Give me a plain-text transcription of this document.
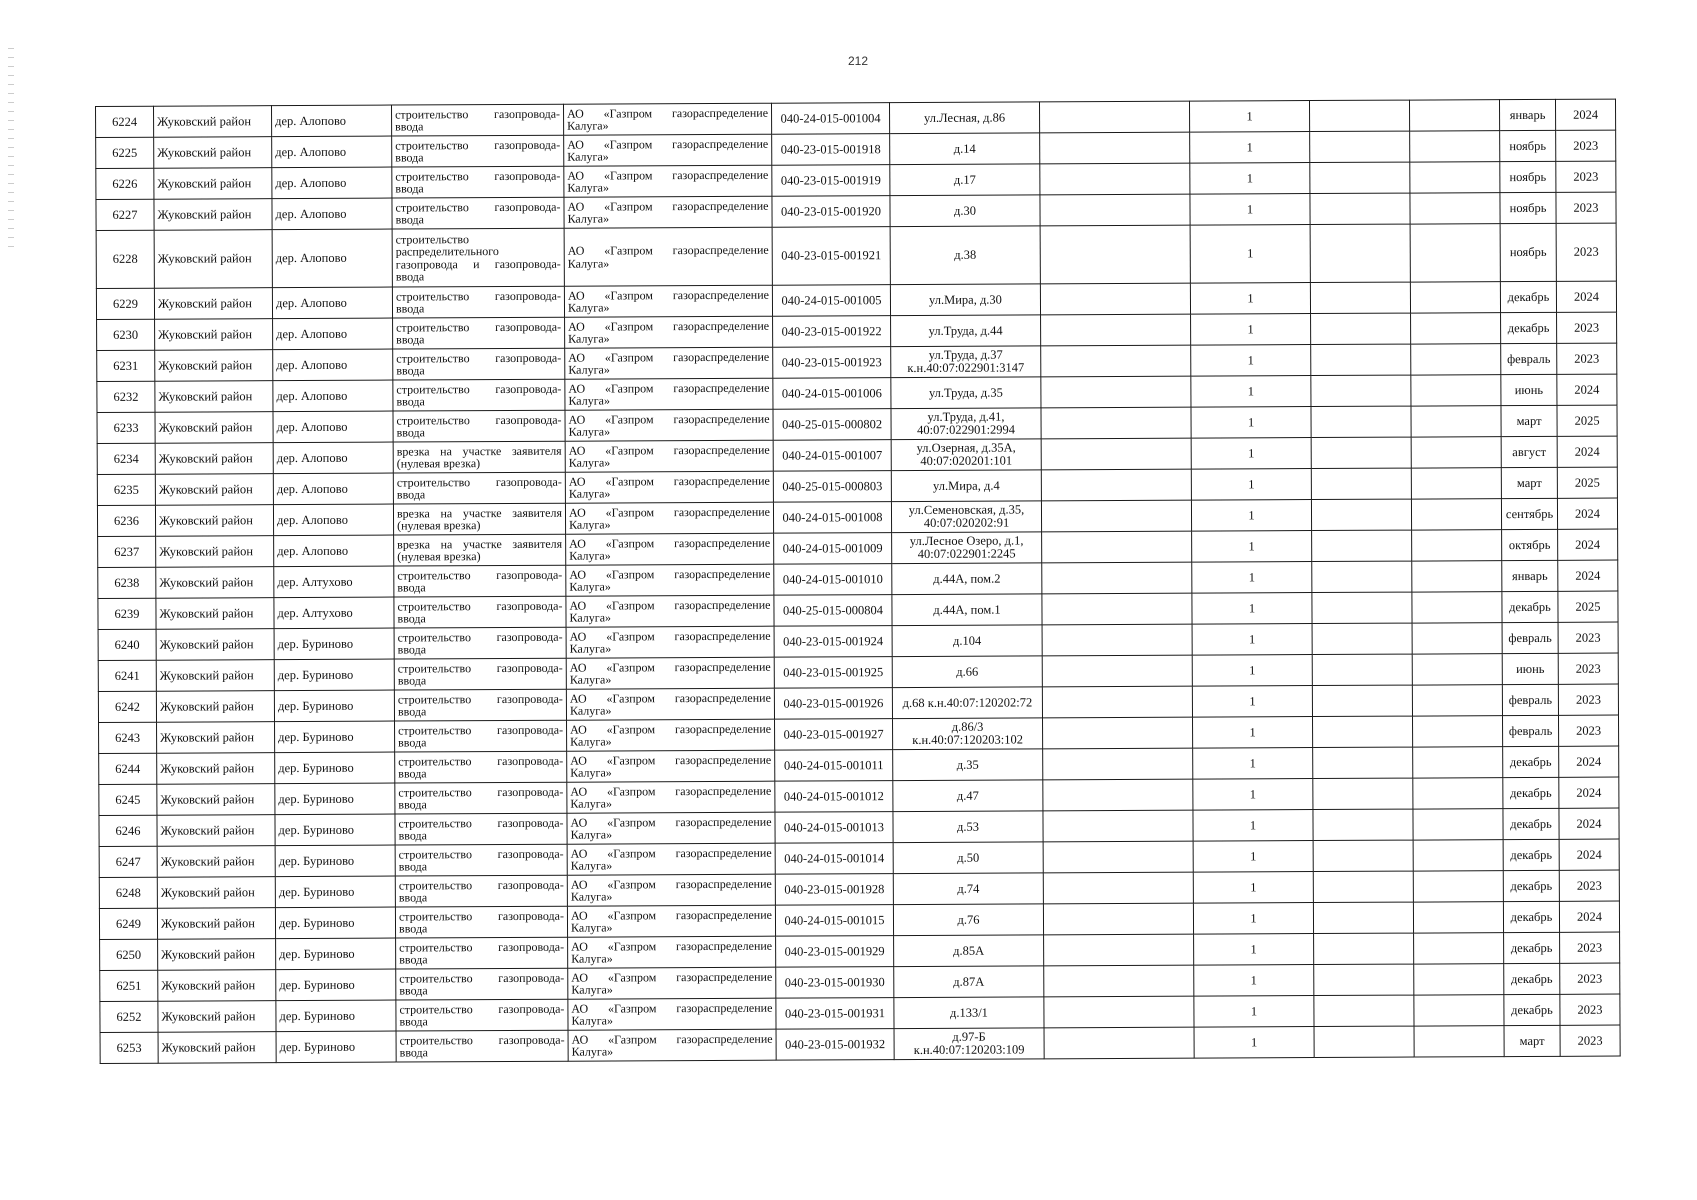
212
6224	Жуковский район	дер. Алопово	строительство газопровода-ввода	АО «Газпром газораспределение Калуга»	040-24-015-001004	ул.Лесная, д.86		1			январь	2024
6225	Жуковский район	дер. Алопово	строительство газопровода-ввода	АО «Газпром газораспределение Калуга»	040-23-015-001918	д.14		1			ноябрь	2023
6226	Жуковский район	дер. Алопово	строительство газопровода-ввода	АО «Газпром газораспределение Калуга»	040-23-015-001919	д.17		1			ноябрь	2023
6227	Жуковский район	дер. Алопово	строительство газопровода-ввода	АО «Газпром газораспределение Калуга»	040-23-015-001920	д.30		1			ноябрь	2023
6228	Жуковский район	дер. Алопово	строительство распределительного газопровода и газопровода-ввода	АО «Газпром газораспределение Калуга»	040-23-015-001921	д.38		1			ноябрь	2023
6229	Жуковский район	дер. Алопово	строительство газопровода-ввода	АО «Газпром газораспределение Калуга»	040-24-015-001005	ул.Мира, д.30		1			декабрь	2024
6230	Жуковский район	дер. Алопово	строительство газопровода-ввода	АО «Газпром газораспределение Калуга»	040-23-015-001922	ул.Труда, д.44		1			декабрь	2023
6231	Жуковский район	дер. Алопово	строительство газопровода-ввода	АО «Газпром газораспределение Калуга»	040-23-015-001923	ул.Труда, д.37 к.н.40:07:022901:3147		1			февраль	2023
6232	Жуковский район	дер. Алопово	строительство газопровода-ввода	АО «Газпром газораспределение Калуга»	040-24-015-001006	ул.Труда, д.35		1			июнь	2024
6233	Жуковский район	дер. Алопово	строительство газопровода-ввода	АО «Газпром газораспределение Калуга»	040-25-015-000802	ул.Труда, д.41, 40:07:022901:2994		1			март	2025
6234	Жуковский район	дер. Алопово	врезка на участке заявителя (нулевая врезка)	АО «Газпром газораспределение Калуга»	040-24-015-001007	ул.Озерная, д.35А, 40:07:020201:101		1			август	2024
6235	Жуковский район	дер. Алопово	строительство газопровода-ввода	АО «Газпром газораспределение Калуга»	040-25-015-000803	ул.Мира, д.4		1			март	2025
6236	Жуковский район	дер. Алопово	врезка на участке заявителя (нулевая врезка)	АО «Газпром газораспределение Калуга»	040-24-015-001008	ул.Семеновская, д.35, 40:07:020202:91		1			сентябрь	2024
6237	Жуковский район	дер. Алопово	врезка на участке заявителя (нулевая врезка)	АО «Газпром газораспределение Калуга»	040-24-015-001009	ул.Лесное Озеро, д.1, 40:07:022901:2245		1			октябрь	2024
6238	Жуковский район	дер. Алтухово	строительство газопровода-ввода	АО «Газпром газораспределение Калуга»	040-24-015-001010	д.44А, пом.2		1			январь	2024
6239	Жуковский район	дер. Алтухово	строительство газопровода-ввода	АО «Газпром газораспределение Калуга»	040-25-015-000804	д.44А, пом.1		1			декабрь	2025
6240	Жуковский район	дер. Буриново	строительство газопровода-ввода	АО «Газпром газораспределение Калуга»	040-23-015-001924	д.104		1			февраль	2023
6241	Жуковский район	дер. Буриново	строительство газопровода-ввода	АО «Газпром газораспределение Калуга»	040-23-015-001925	д.66		1			июнь	2023
6242	Жуковский район	дер. Буриново	строительство газопровода-ввода	АО «Газпром газораспределение Калуга»	040-23-015-001926	д.68 к.н.40:07:120202:72		1			февраль	2023
6243	Жуковский район	дер. Буриново	строительство газопровода-ввода	АО «Газпром газораспределение Калуга»	040-23-015-001927	д.86/3 к.н.40:07:120203:102		1			февраль	2023
6244	Жуковский район	дер. Буриново	строительство газопровода-ввода	АО «Газпром газораспределение Калуга»	040-24-015-001011	д.35		1			декабрь	2024
6245	Жуковский район	дер. Буриново	строительство газопровода-ввода	АО «Газпром газораспределение Калуга»	040-24-015-001012	д.47		1			декабрь	2024
6246	Жуковский район	дер. Буриново	строительство газопровода-ввода	АО «Газпром газораспределение Калуга»	040-24-015-001013	д.53		1			декабрь	2024
6247	Жуковский район	дер. Буриново	строительство газопровода-ввода	АО «Газпром газораспределение Калуга»	040-24-015-001014	д.50		1			декабрь	2024
6248	Жуковский район	дер. Буриново	строительство газопровода-ввода	АО «Газпром газораспределение Калуга»	040-23-015-001928	д.74		1			декабрь	2023
6249	Жуковский район	дер. Буриново	строительство газопровода-ввода	АО «Газпром газораспределение Калуга»	040-24-015-001015	д.76		1			декабрь	2024
6250	Жуковский район	дер. Буриново	строительство газопровода-ввода	АО «Газпром газораспределение Калуга»	040-23-015-001929	д.85А		1			декабрь	2023
6251	Жуковский район	дер. Буриново	строительство газопровода-ввода	АО «Газпром газораспределение Калуга»	040-23-015-001930	д.87А		1			декабрь	2023
6252	Жуковский район	дер. Буриново	строительство газопровода-ввода	АО «Газпром газораспределение Калуга»	040-23-015-001931	д.133/1		1			декабрь	2023
6253	Жуковский район	дер. Буриново	строительство газопровода-ввода	АО «Газпром газораспределение Калуга»	040-23-015-001932	д.97-Б к.н.40:07:120203:109		1			март	2023
